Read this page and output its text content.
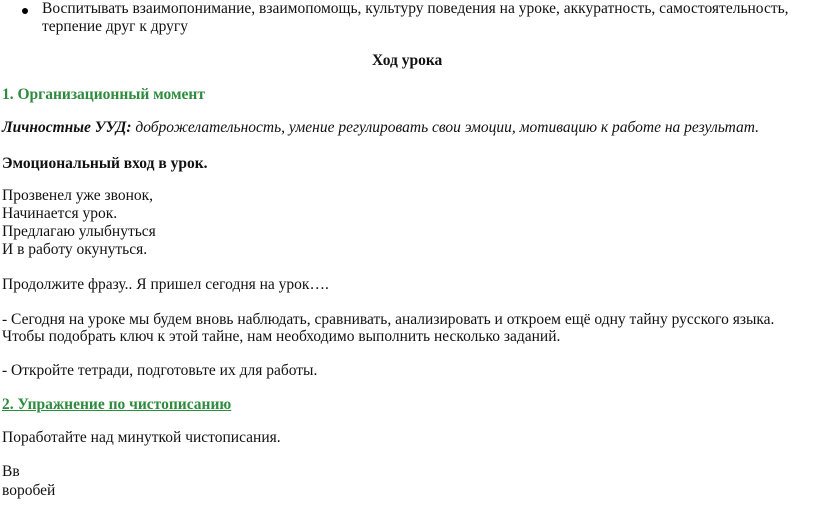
Воспитывать взаимопонимание, взаимопомощь, культуру поведения на уроке, аккуратность, самостоятельность,
терпение друг к другу
Ход урока
1. Организационный момент
Личностные УУД: доброжелательность, умение регулировать свои эмоции, мотивацию к работе на результат.
Эмоциональный вход в урок.
Прозвенел уже звонок,
Начинается урок.
Предлагаю улыбнуться
И в работу окунуться.
Продолжите фразу.. Я пришел сегодня на урок….
- Сегодня на уроке мы будем вновь наблюдать, сравнивать, анализировать и откроем ещё одну тайну русского языка.
Чтобы подобрать ключ к этой тайне, нам необходимо выполнить несколько заданий.
- Откройте тетради, подготовьте их для работы.
2. Упражнение по чистописанию
Поработайте над минуткой чистописания.
Вв
воробей
